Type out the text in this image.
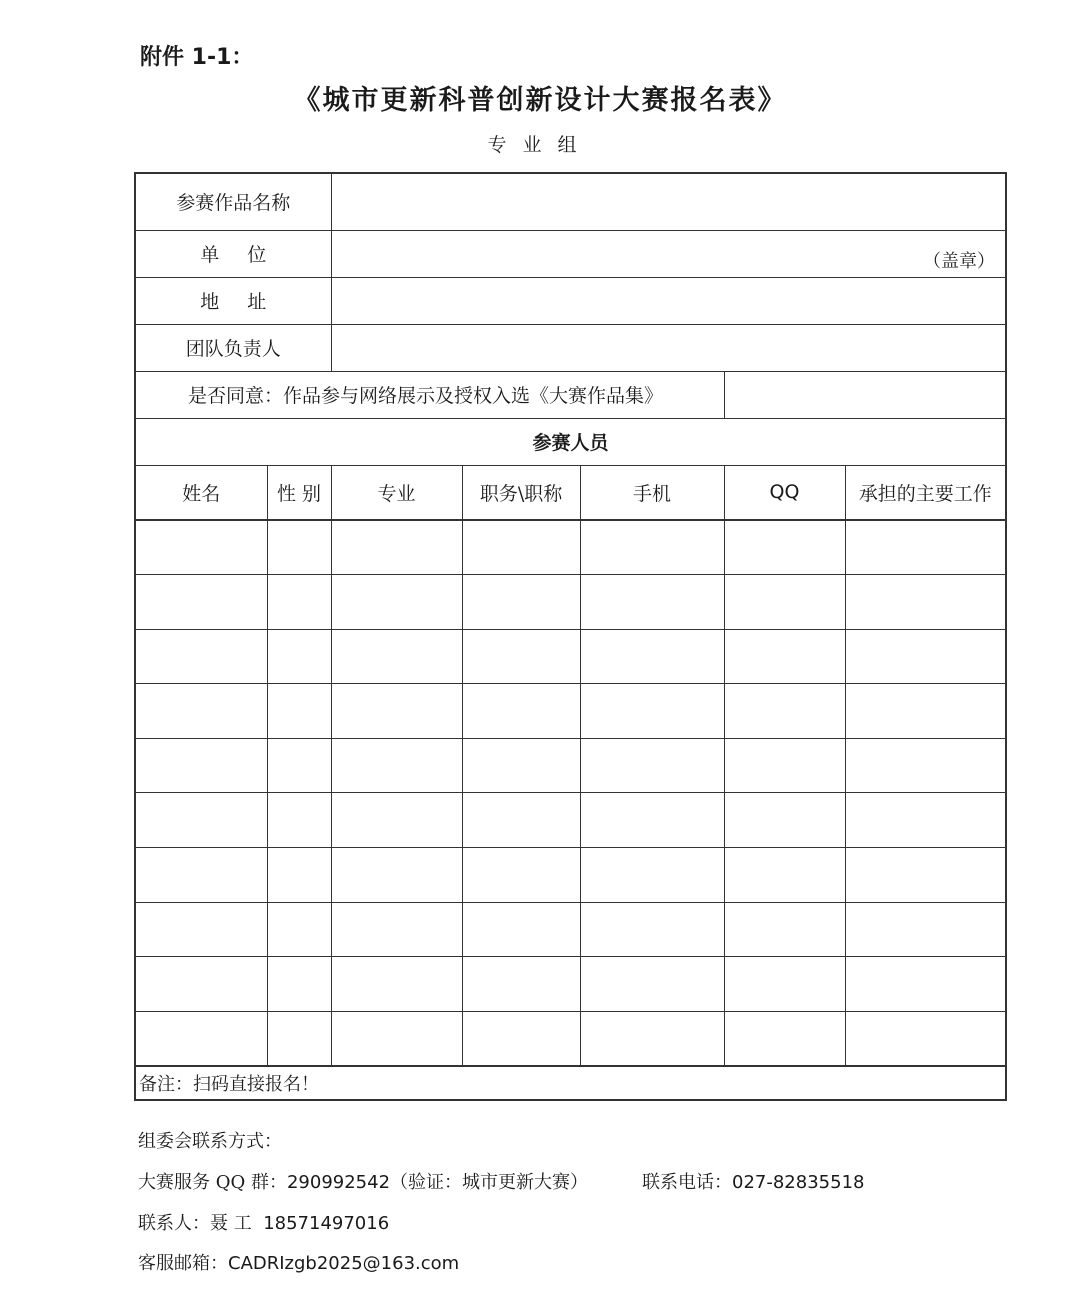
附件 1-1：
《城市更新科普创新设计大赛报名表》
专业组
参赛作品名称						
单位		（盖章）				
地址						
团队负责人						
是否同意：作品参与网络展示及授权入选《大赛作品集》						
参赛人员						
姓名	性 别	专业	职务\职称	手机	QQ	承担的主要工作

备注：扫码直接报名！						
组委会联系方式：
大赛服务 QQ 群：290992542（验证：城市更新大赛）	联系电话：027-82835518
联系人：聂 工 18571497016
客服邮箱：CADRIzgb2025@163.com
